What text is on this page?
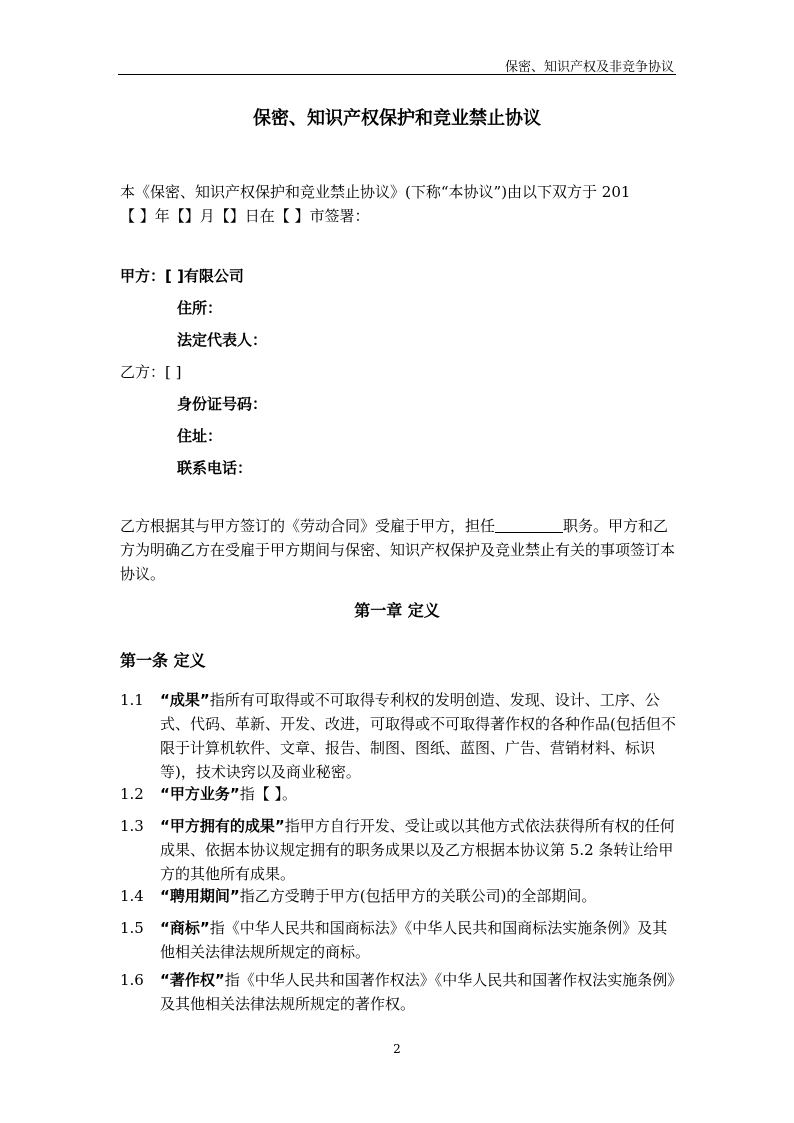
保密、知识产权及非竞争协议
保密、知识产权保护和竞业禁止协议
本《保密、知识产权保护和竞业禁止协议》(下称“本协议”)由以下双方于 201
【 】年【】月【】日在【 】市签署：
甲方：[ ]有限公司
住所：
法定代表人：
乙方：[ ]
身份证号码：
住址：
联系电话：
乙方根据其与甲方签订的《劳动合同》受雇于甲方，担任	职务。甲方和乙方为明确乙方在受雇于甲方期间与保密、知识产权保护及竞业禁止有关的事项签订本协议。
第一章 定义
第一条 定义
1.1	“成果”指所有可取得或不可取得专利权的发明创造、发现、设计、工序、公式、代码、革新、开发、改进，可取得或不可取得著作权的各种作品(包括但不限于计算机软件、文章、报告、制图、图纸、蓝图、广告、营销材料、标识等)，技术诀窍以及商业秘密。
1.2	“甲方业务”指【 】。
1.3	“甲方拥有的成果”指甲方自行开发、受让或以其他方式依法获得所有权的任何成果、依据本协议规定拥有的职务成果以及乙方根据本协议第 5.2 条转让给甲方的其他所有成果。
1.4	“聘用期间”指乙方受聘于甲方(包括甲方的关联公司)的全部期间。
1.5	“商标”指《中华人民共和国商标法》《中华人民共和国商标法实施条例》及其他相关法律法规所规定的商标。
1.6	“著作权”指《中华人民共和国著作权法》《中华人民共和国著作权法实施条例》及其他相关法律法规所规定的著作权。
2
